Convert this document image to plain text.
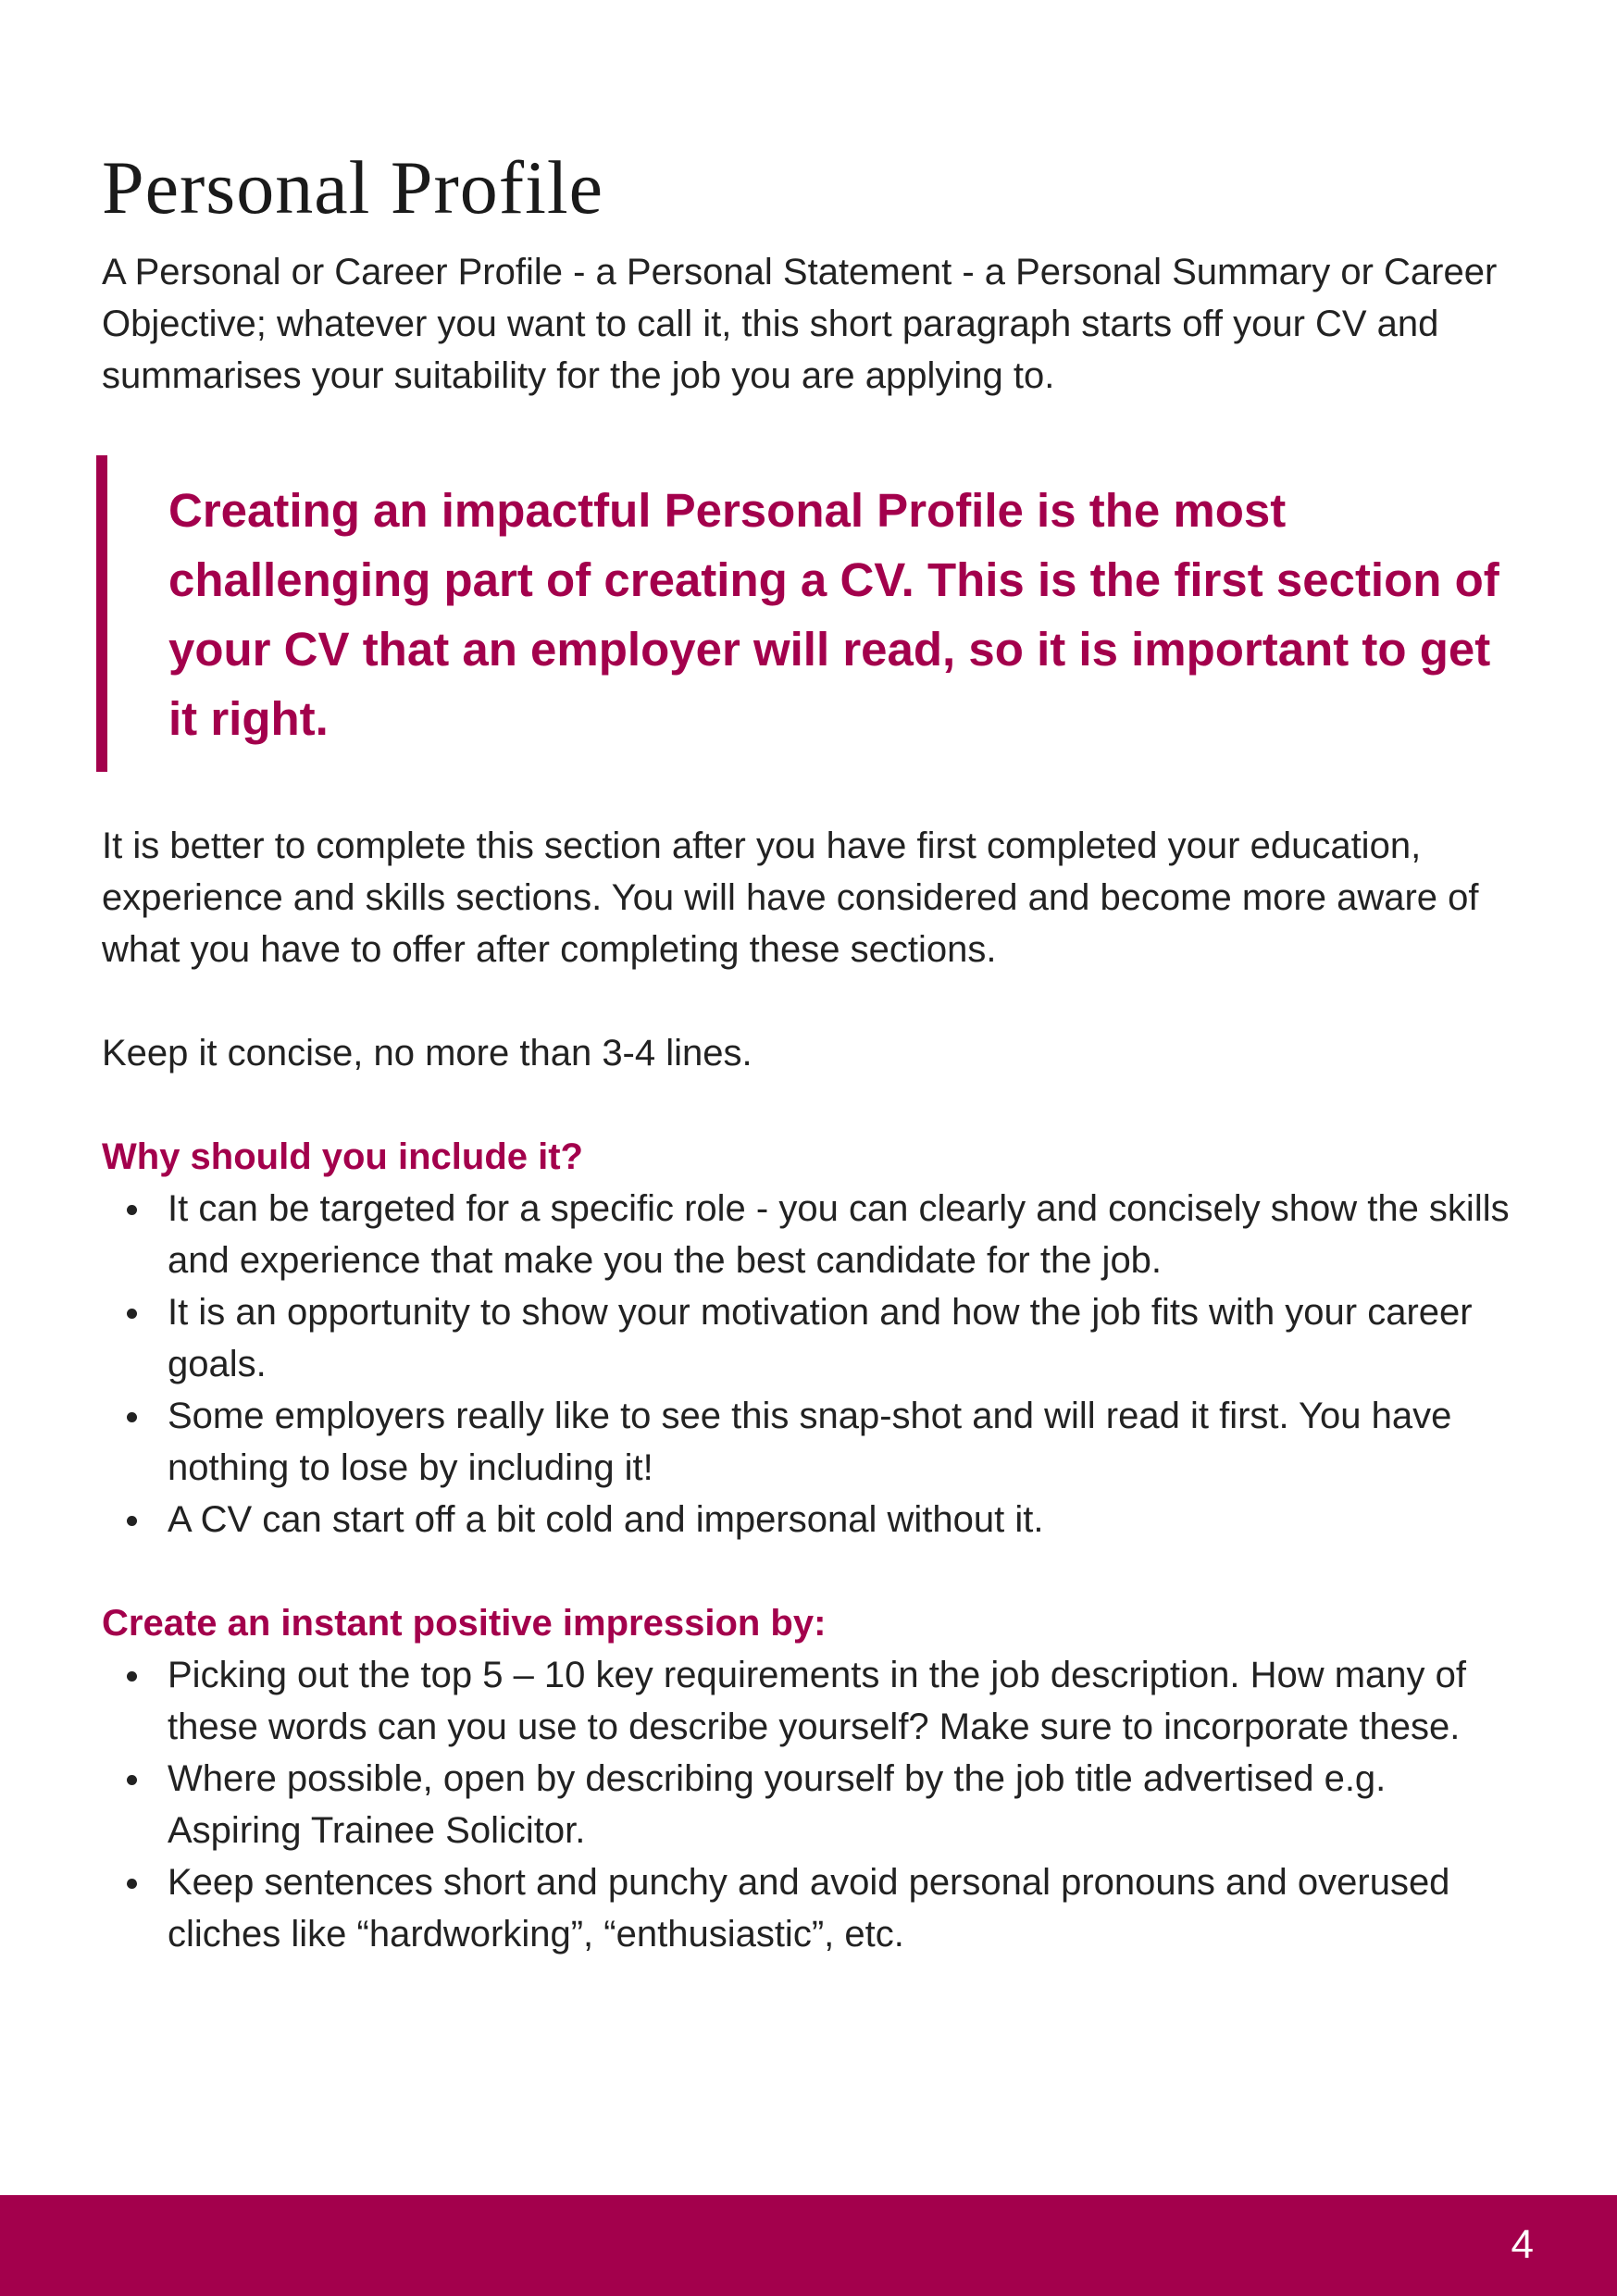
Personal Profile

A Personal or Career Profile - a Personal Statement - a Personal Summary or Career Objective; whatever you want to call it, this short paragraph starts off your CV and summarises your suitability for the job you are applying to.

Creating an impactful Personal Profile is the most challenging part of creating a CV. This is the first section of your CV that an employer will read, so it is important to get it right.

It is better to complete this section after you have first completed your education, experience and skills sections. You will have considered and become more aware of what you have to offer after completing these sections.

Keep it concise, no more than 3-4 lines.

Why should you include it?
It can be targeted for a specific role - you can clearly and concisely show the skills and experience that make you the best candidate for the job.
It is an opportunity to show your motivation and how the job fits with your career goals.
Some employers really like to see this snap-shot and will read it first. You have nothing to lose by including it!
A CV can start off a bit cold and impersonal without it.
Create an instant positive impression by:
Picking out the top 5 – 10 key requirements in the job description. How many of these words can you use to describe yourself? Make sure to incorporate these.
Where possible, open by describing yourself by the job title advertised e.g. Aspiring Trainee Solicitor.
Keep sentences short and punchy and avoid personal pronouns and overused cliches like “hardworking”, “enthusiastic”, etc.
4
